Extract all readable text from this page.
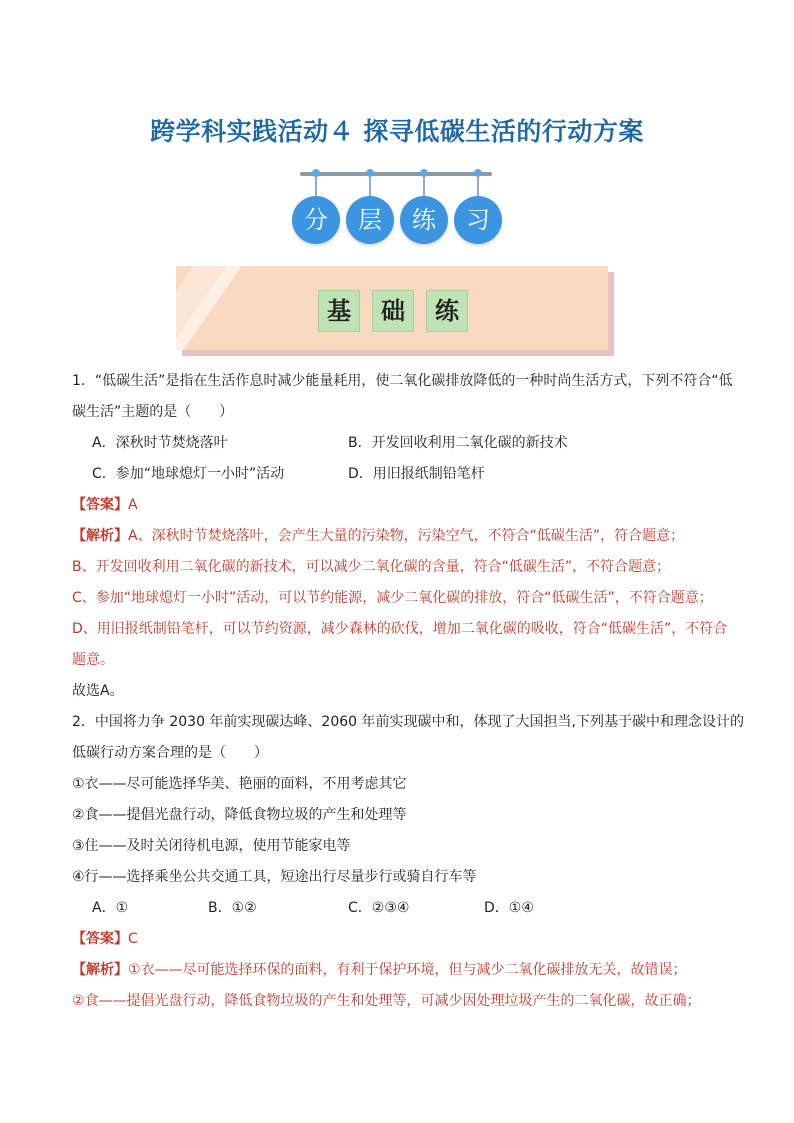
跨学科实践活动４ 探寻低碳生活的行动方案
分	层	练	习
基	础	练
1．“低碳生活”是指在生活作息时减少能量耗用，使二氧化碳排放降低的一种时尚生活方式，下列不符合“低
碳生活”主题的是（　　）
A．深秋时节焚烧落叶	B．开发回收利用二氧化碳的新技术
C．参加“地球熄灯一小时”活动	D．用旧报纸制铅笔杆
【答案】A
【解析】A、深秋时节焚烧落叶，会产生大量的污染物，污染空气，不符合“低碳生活”，符合题意；
B、开发回收利用二氧化碳的新技术，可以减少二氧化碳的含量，符合“低碳生活”，不符合题意；
C、参加“地球熄灯一小时”活动，可以节约能源，减少二氧化碳的排放，符合“低碳生活”，不符合题意；
D、用旧报纸制铅笔杆，可以节约资源，减少森林的砍伐，增加二氧化碳的吸收，符合“低碳生活”，不符合
题意。
故选A。
2．中国将力争 2030 年前实现碳达峰、2060 年前实现碳中和，体现了大国担当,下列基于碳中和理念设计的
低碳行动方案合理的是（　　）
①衣——尽可能选择华美、艳丽的面料，不用考虑其它
②食——提倡光盘行动，降低食物垃圾的产生和处理等
③住——及时关闭待机电源，使用节能家电等
④行——选择乘坐公共交通工具，短途出行尽量步行或骑自行车等
A．①	B．①②	C．②③④	D．①④
【答案】C
【解析】①衣——尽可能选择环保的面料，有利于保护环境，但与减少二氧化碳排放无关，故错误；
②食——提倡光盘行动，降低食物垃圾的产生和处理等，可减少因处理垃圾产生的二氧化碳，故正确；
